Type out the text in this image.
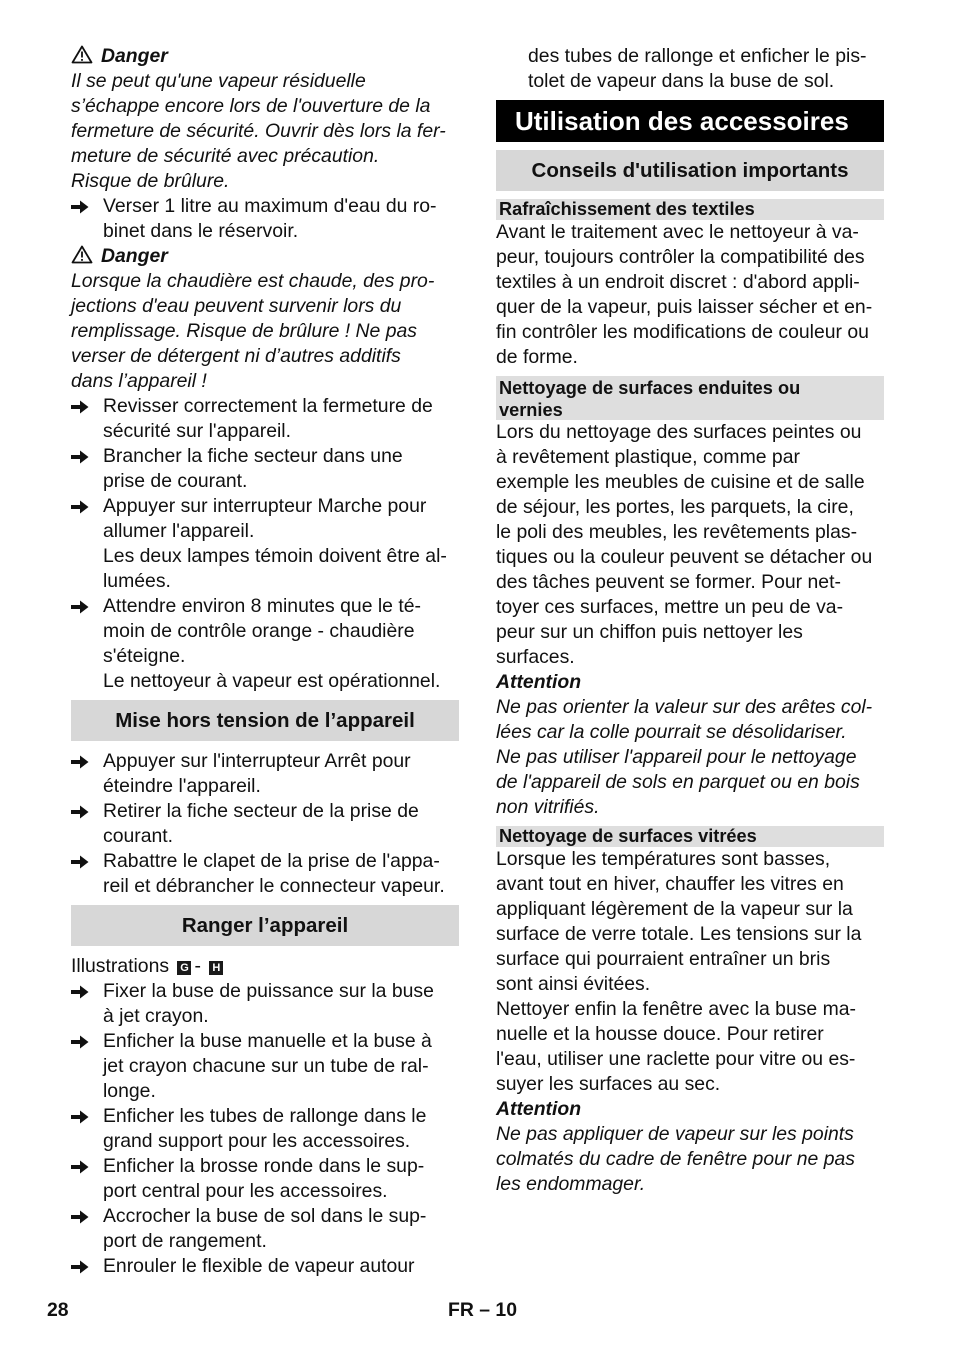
Danger
Il se peut qu'une vapeur résiduelle
s’échappe encore lors de l'ouverture de la
fermeture de sécurité. Ouvrir dès lors la fer-
meture de sécurité avec précaution.
Risque de brûlure.
Verser 1 litre au maximum d'eau du ro-
binet dans le réservoir.
Danger
Lorsque la chaudière est chaude, des pro-
jections d'eau peuvent survenir lors du
remplissage. Risque de brûlure ! Ne pas
verser de détergent ni d’autres additifs
dans l’appareil !
Revisser correctement la fermeture de
sécurité sur l'appareil.
Brancher la fiche secteur dans une
prise de courant.
Appuyer sur interrupteur Marche pour
allumer l'appareil.
Les deux lampes témoin doivent être al-
lumées.
Attendre environ 8 minutes que le té-
moin de contrôle orange - chaudière
s'éteigne.
Le nettoyeur à vapeur est opérationnel.
Mise hors tension de l’appareil
Appuyer sur l'interrupteur Arrêt pour
éteindre l'appareil.
Retirer la fiche secteur de la prise de
courant.
Rabattre le clapet de la prise de l'appa-
reil et débrancher le connecteur vapeur.
Ranger l’appareil
Illustrations G - H
Fixer la buse de puissance sur la buse
à jet crayon.
Enficher la buse manuelle et la buse à
jet crayon chacune sur un tube de ral-
longe.
Enficher les tubes de rallonge dans le
grand support pour les accessoires.
Enficher la brosse ronde dans le sup-
port central pour les accessoires.
Accrocher la buse de sol dans le sup-
port de rangement.
Enrouler le flexible de vapeur autour
des tubes de rallonge et enficher le pis-
tolet de vapeur dans la buse de sol.
Utilisation des accessoires
Conseils d'utilisation importants
Rafraîchissement des textiles
Avant le traitement avec le nettoyeur à va-
peur, toujours contrôler la compatibilité des
textiles à un endroit discret : d'abord appli-
quer de la vapeur, puis laisser sécher et en-
fin contrôler les modifications de couleur ou
de forme.
Nettoyage de surfaces enduites ou
vernies
Lors du nettoyage des surfaces peintes ou
à revêtement plastique, comme par
exemple les meubles de cuisine et de salle
de séjour, les portes, les parquets, la cire,
le poli des meubles, les revêtements plas-
tiques ou la couleur peuvent se détacher ou
des tâches peuvent se former. Pour net-
toyer ces surfaces, mettre un peu de va-
peur sur un chiffon puis nettoyer les
surfaces.
Attention
Ne pas orienter la valeur sur des arêtes col-
lées car la colle pourrait se désolidariser.
Ne pas utiliser l'appareil pour le nettoyage
de l'appareil de sols en parquet ou en bois
non vitrifiés.
Nettoyage de surfaces vitrées
Lorsque les températures sont basses,
avant tout en hiver, chauffer les vitres en
appliquant légèrement de la vapeur sur la
surface de verre totale. Les tensions sur la
surface qui pourraient entraîner un bris
sont ainsi évitées.
Nettoyer enfin la fenêtre avec la buse ma-
nuelle et la housse douce. Pour retirer
l'eau, utiliser une raclette pour vitre ou es-
suyer les surfaces au sec.
Attention
Ne pas appliquer de vapeur sur les points
colmatés du cadre de fenêtre pour ne pas
les endommager.
28	FR – 10
